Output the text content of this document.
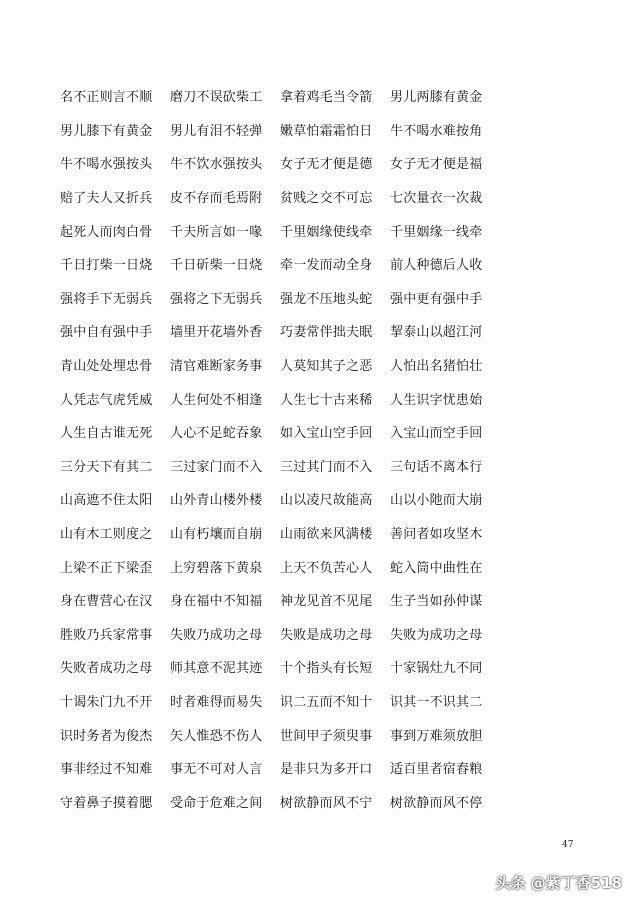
名不正则言不顺	磨刀不误砍柴工	拿着鸡毛当令箭	男儿两膝有黄金
男儿膝下有黄金	男儿有泪不轻弹	嫩草怕霜霜怕日	牛不喝水难按角
牛不喝水强按头	牛不饮水强按头	女子无才便是德	女子无才便是福
赔了夫人又折兵	皮不存而毛焉附	贫贱之交不可忘	七次量衣一次裁
起死人而肉白骨	千夫所言如一喙	千里姻缘使线牵	千里姻缘一线牵
千日打柴一日烧	千日斫柴一日烧	牵一发而动全身	前人种德后人收
强将手下无弱兵	强将之下无弱兵	强龙不压地头蛇	强中更有强中手
强中自有强中手	墙里开花墙外香	巧妻常伴拙夫眠	挈泰山以超江河
青山处处埋忠骨	清官难断家务事	人莫知其子之恶	人怕出名猪怕壮
人凭志气虎凭威	人生何处不相逢	人生七十古来稀	人生识字忧患始
人生自古谁无死	人心不足蛇吞象	如入宝山空手回	入宝山而空手回
三分天下有其二	三过家门而不入	三过其门而不入	三句话不离本行
山高遮不住太阳	山外青山楼外楼	山以凌尺故能高	山以小阤而大崩
山有木工则度之	山有朽壤而自崩	山雨欲来风满楼	善问者如攻坚木
上梁不正下梁歪	上穷碧落下黄泉	上天不负苦心人	蛇入筒中曲性在
身在曹营心在汉	身在福中不知福	神龙见首不见尾	生子当如孙仲谋
胜败乃兵家常事	失败乃成功之母	失败是成功之母	失败为成功之母
失败者成功之母	师其意不泥其迹	十个指头有长短	十家锅灶九不同
十谒朱门九不开	时者难得而易失	识二五而不知十	识其一不识其二
识时务者为俊杰	矢人惟恐不伤人	世间甲子须臾事	事到万难须放胆
事非经过不知难	事无不可对人言	是非只为多开口	适百里者宿舂粮
守着鼻子摸着腮	受命于危难之间	树欲静而风不宁	树欲静而风不停
47
头条 @紫丁香518
